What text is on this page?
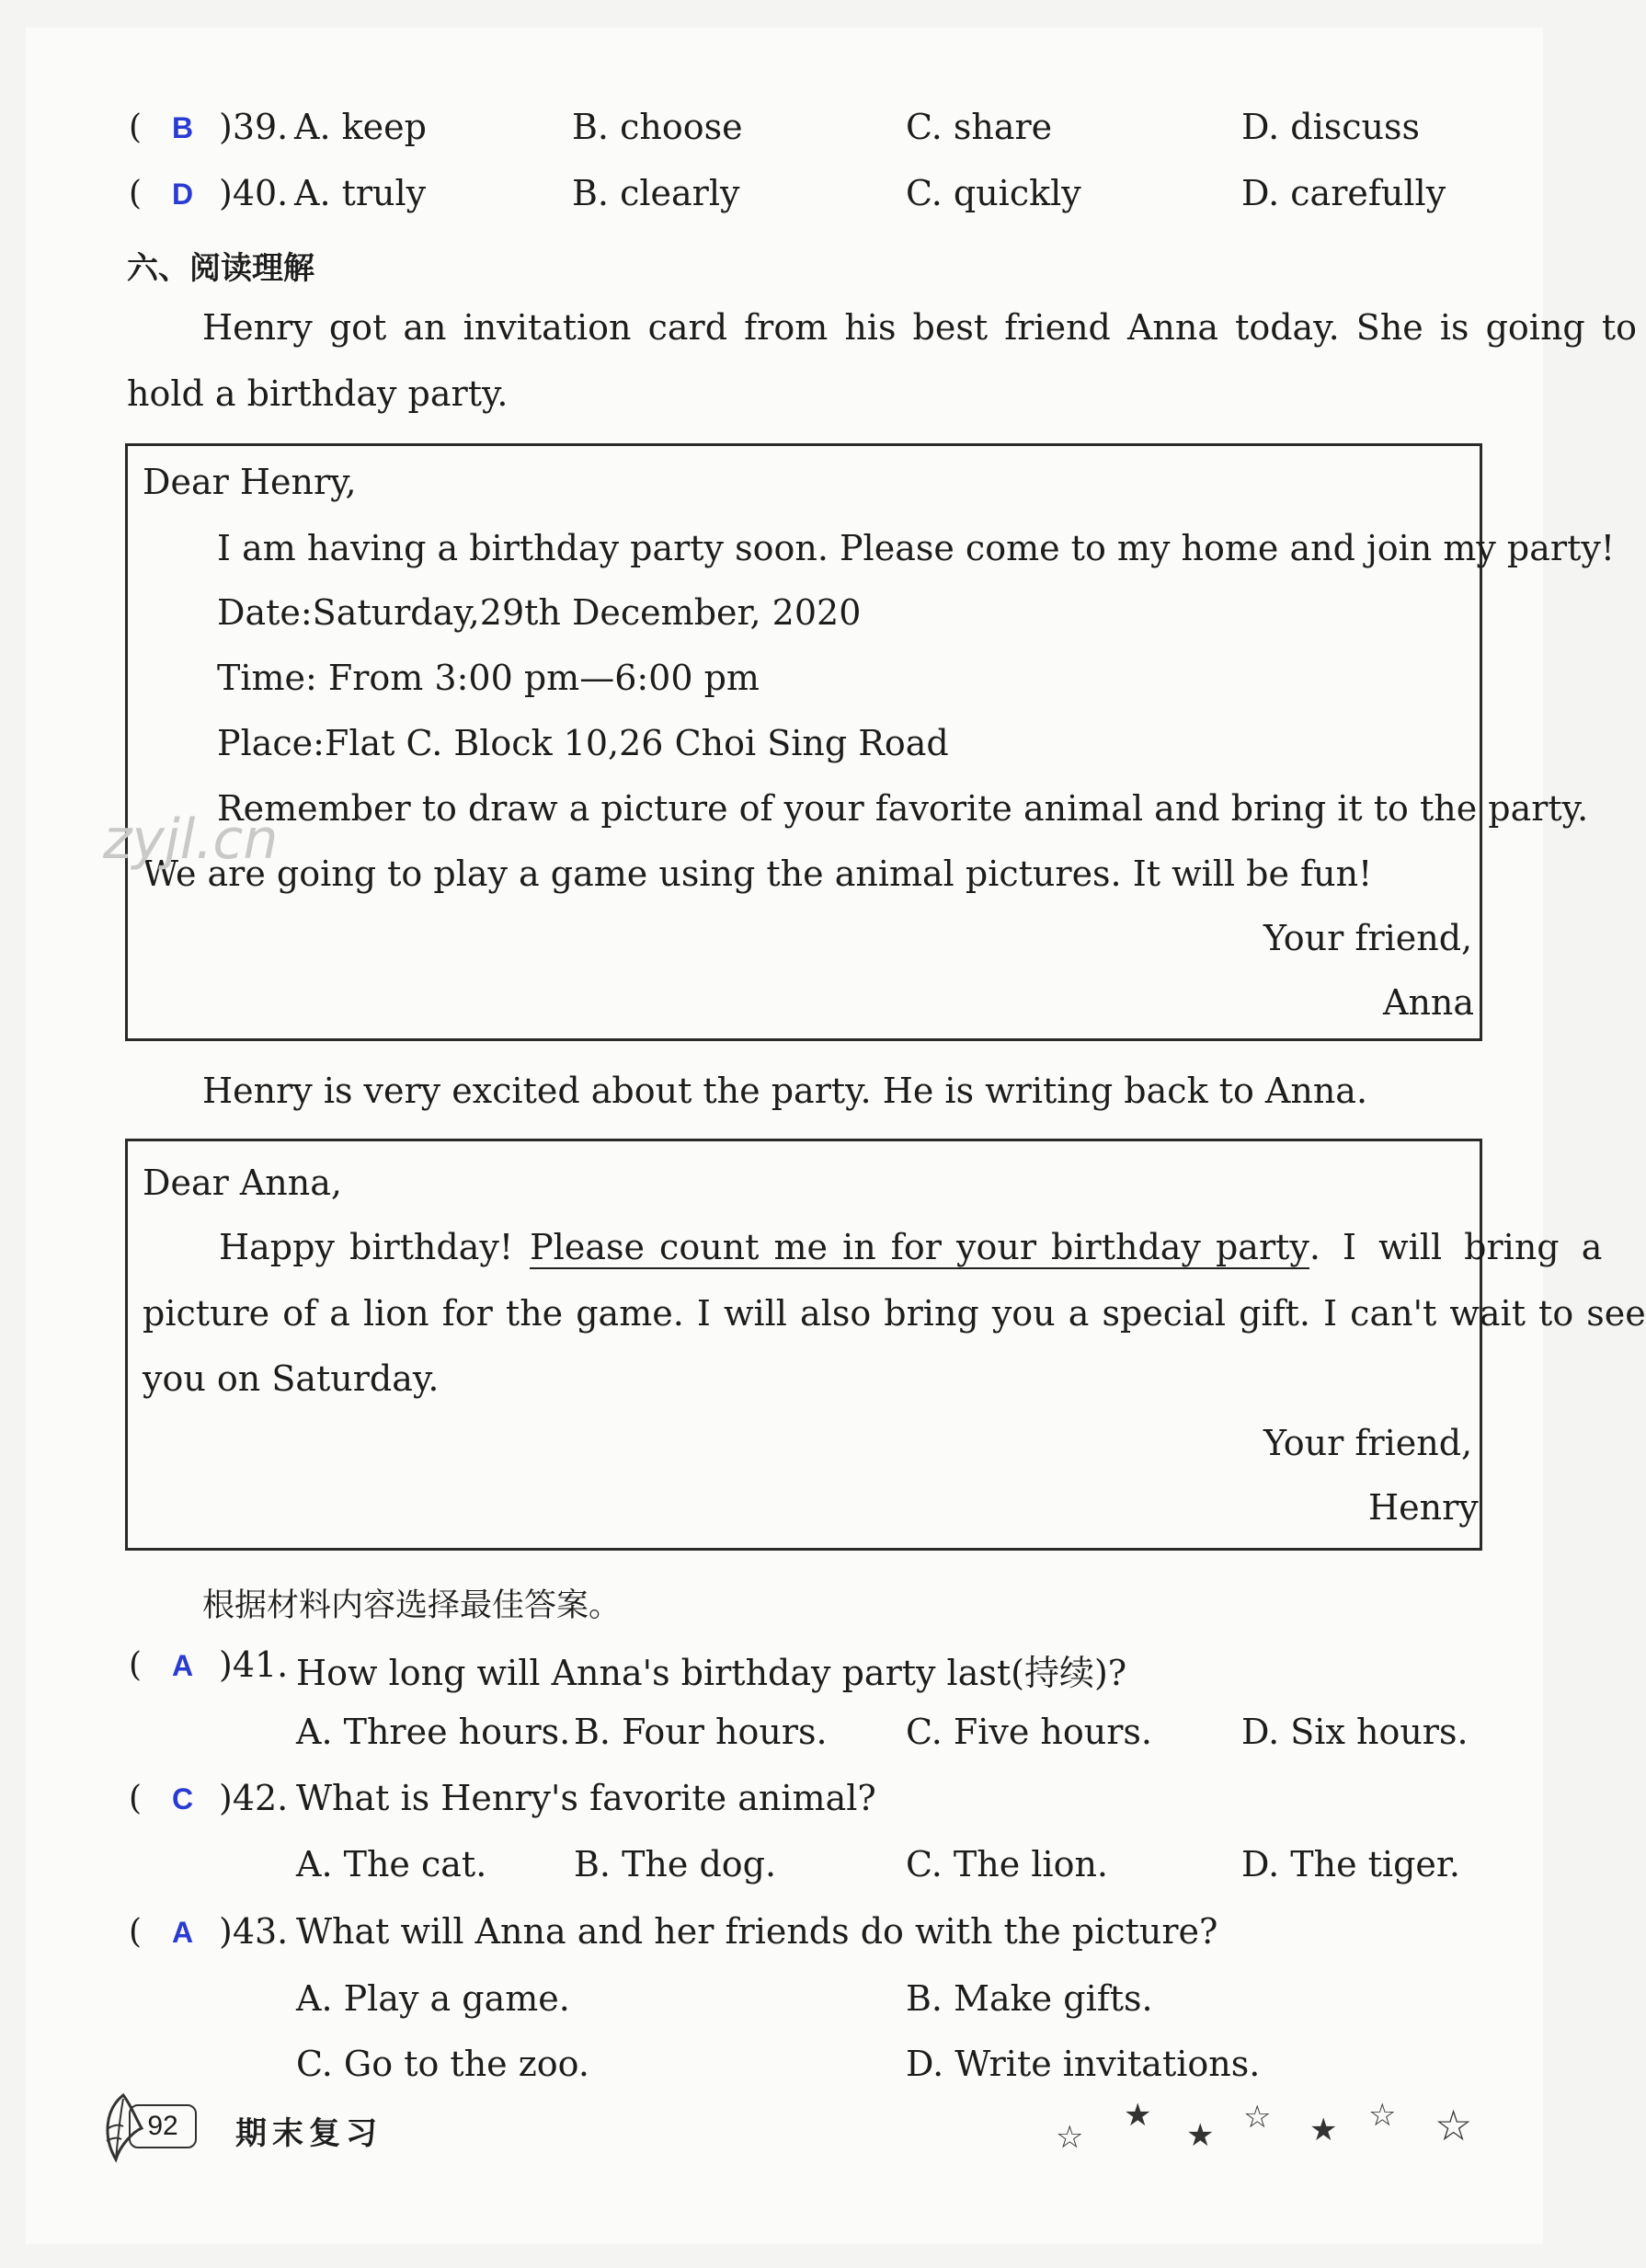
( B )39. A. keep	B. choose	C. share	D. discuss
( D )40. A. truly	B. clearly	C. quickly	D. carefully
六、阅读理解
Henry got an invitation card from his best friend Anna today. She is going to
hold a birthday party.
Dear Henry,
I am having a birthday party soon. Please come to my home and join my party!
Date:Saturday,29th December, 2020
Time: From 3:00 pm—6:00 pm
Place:Flat C. Block 10,26 Choi Sing Road
Remember to draw a picture of your favorite animal and bring it to the party.
We are going to play a game using the animal pictures. It will be fun!
Your friend,
Anna
zyjl.cn
Henry is very excited about the party. He is writing back to Anna.
Dear Anna,
Happy birthday! Please count me in for your birthday party . I will bring a
picture of a lion for the game. I will also bring you a special gift. I can't wait to see
you on Saturday.
Your friend,
Henry
根据材料内容选择最佳答案。
( A )41. How long will Anna's birthday party last(持续)?
A. Three hours. B. Four hours. C. Five hours.	D. Six hours.
( C )42. What is Henry's favorite animal?
A. The cat. B. The dog.	C. The lion.	D. The tiger.
( A )43. What will Anna and her friends do with the picture?
A. Play a game.	B. Make gifts.
C. Go to the zoo.	D. Write invitations.
92	期末复习	☆
★
★ ☆ ★ ☆ ☆
